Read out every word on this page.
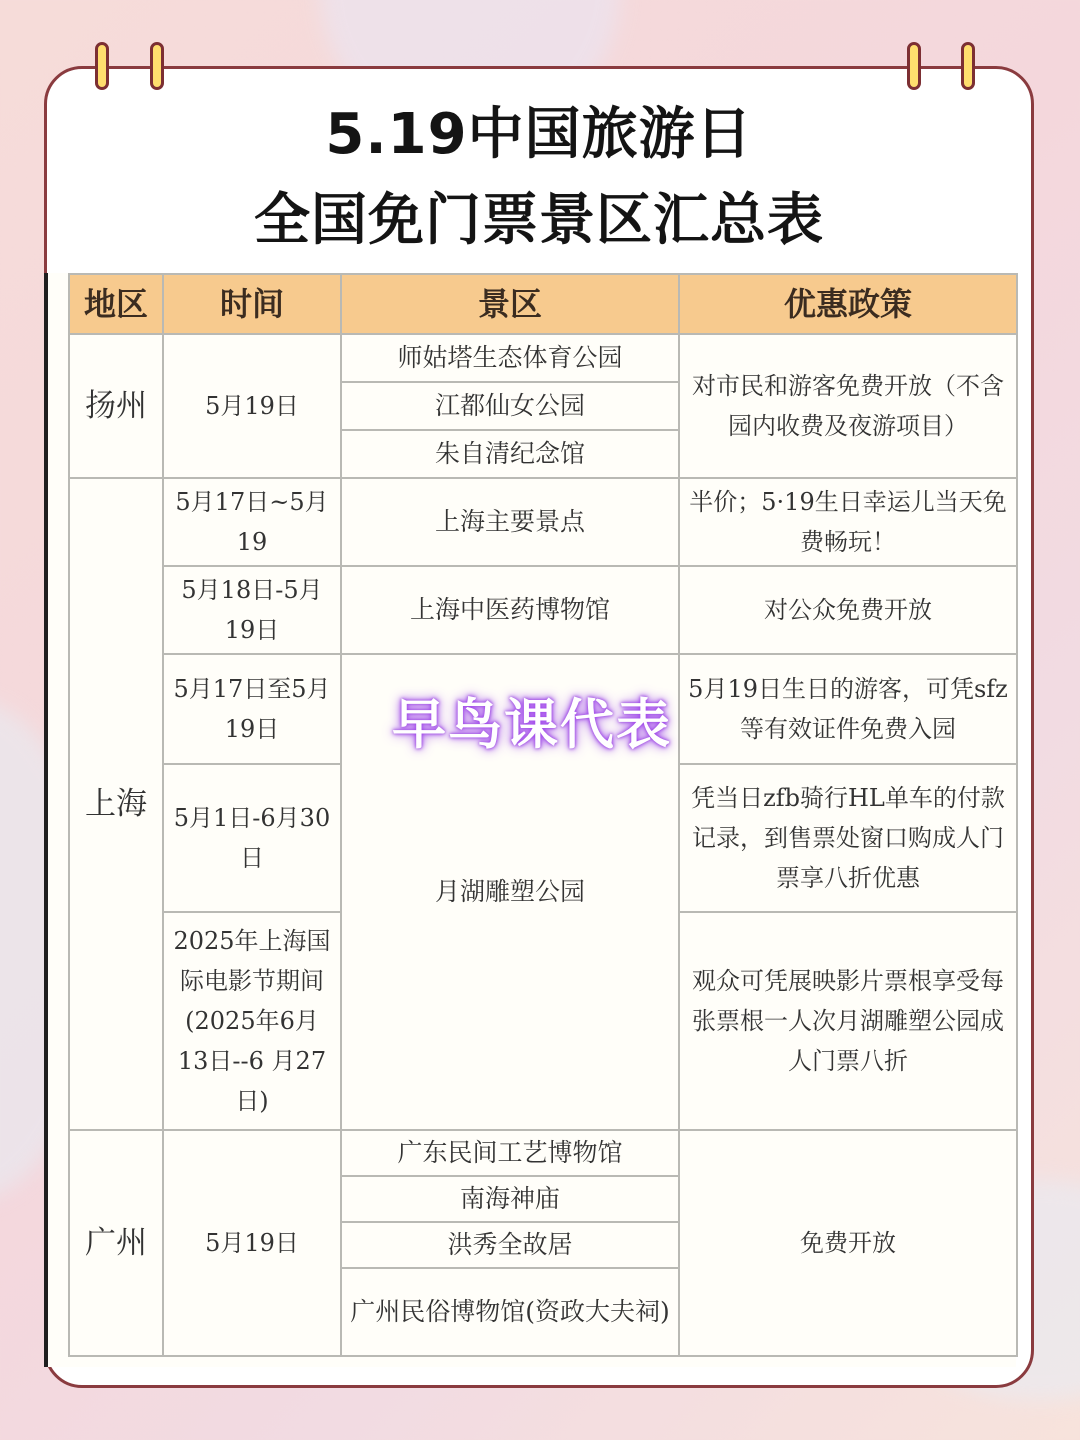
5.19中国旅游日
全国免门票景区汇总表
地区	时间	景区	优惠政策
扬州	5月19日	师姑塔生态体育公园	对市民和游客免费开放（不含园内收费及夜游项目）
		江都仙女公园	
		朱自清纪念馆	
上海	5月17日~5月19	上海主要景点	半价；5·19生日幸运儿当天免费畅玩！
	5月18日-5月19日	上海中医药博物馆	对公众免费开放
	5月17日至5月19日	月湖雕塑公园	5月19日生日的游客，可凭sfz等有效证件免费入园
	5月1日-6月30日		凭当日zfb骑行HL单车的付款记录，到售票处窗口购成人门票享八折优惠
	2025年上海国际电影节期间(2025年6月13日--6 月27日)		观众可凭展映影片票根享受每张票根一人次月湖雕塑公园成人门票八折
广州	5月19日	广东民间工艺博物馆	免费开放
		南海神庙	
		洪秀全故居	
		广州民俗博物馆(资政大夫祠)	
早鸟课代表
